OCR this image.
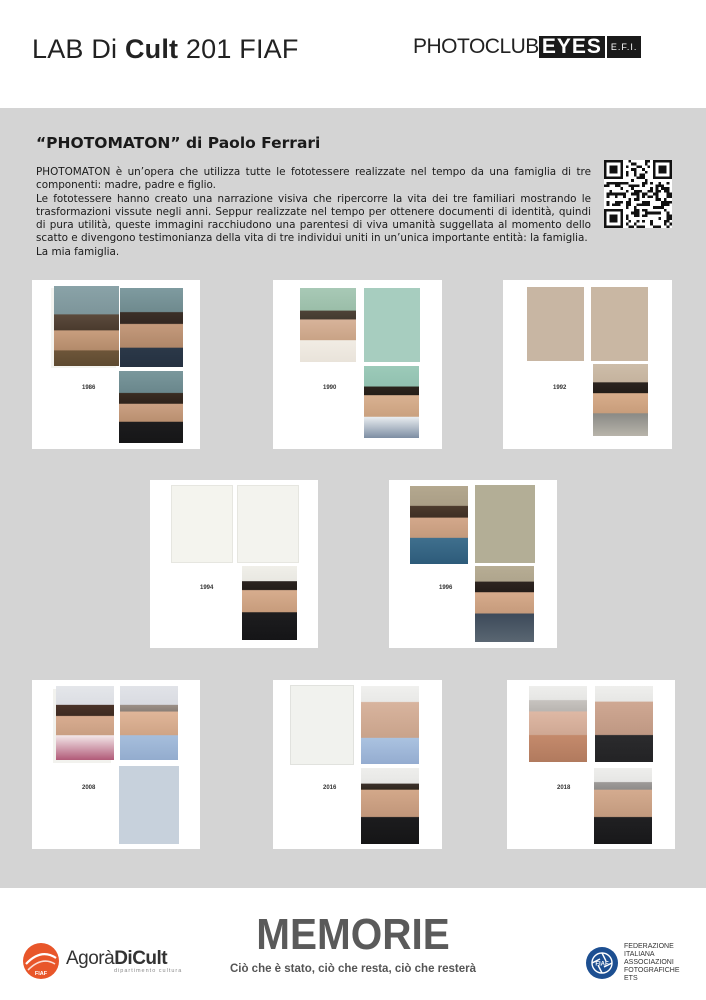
LAB Di Cult 201 FIAF	PHOTOCLUB EYES	E.F.I.
“PHOTOMATON” di Paolo Ferrari

PHOTOMATON è un’opera che utilizza tutte le fototessere realizzate nel tempo da una famiglia di tre componenti: madre, padre e figlio.

Le fototessere hanno creato una narrazione visiva che ripercorre la vita dei tre familiari mostrando le trasformazioni vissute negli anni. Seppur realizzate nel tempo per ottenere documenti di identità, quindi di pura utilità, queste immagini racchiudono una parentesi di viva umanità suggellata al momento dello scatto e divengono testimonianza della vita di tre individui uniti in un’unica importante entità: la famiglia.

La mia famiglia.

1986	1990	1992
1994	1996
2008	2016	2018
FIAF
AgoràDiCult
dipartimento cultura
MEMORIE
Ciò che è stato, ciò che resta, ciò che resterà	FIAF
FEDERAZIONE
ITALIANA
ASSOCIAZIONI
FOTOGRAFICHE
ETS
